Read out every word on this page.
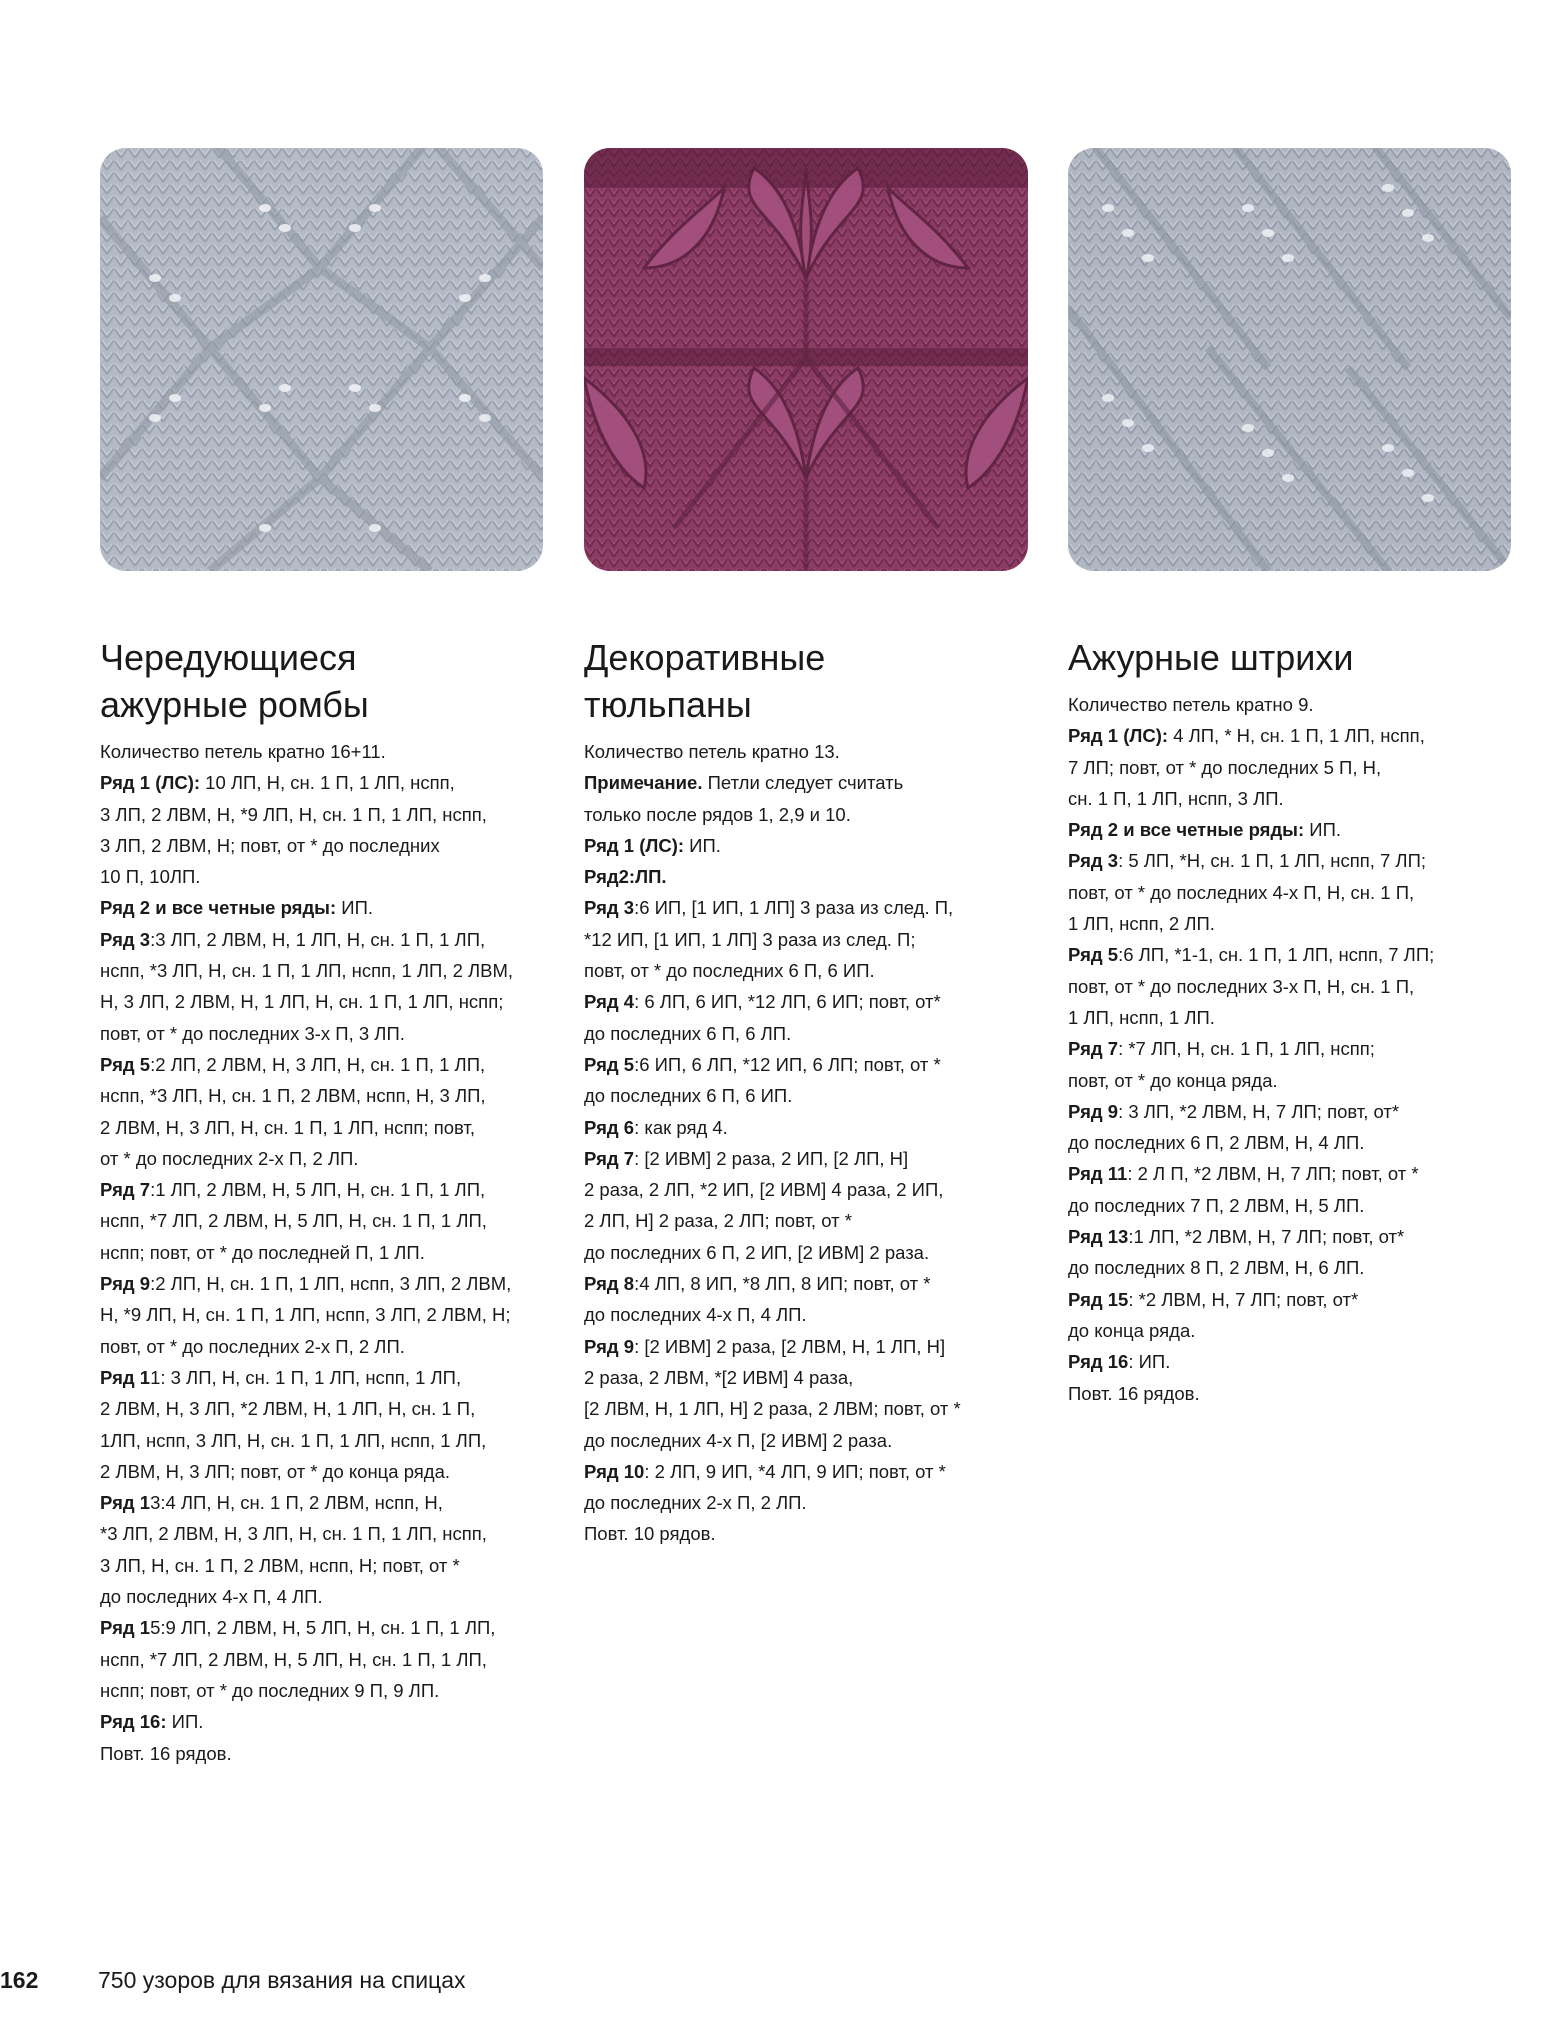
Чередующиеся
ажурные ромбы
Количество петель кратно 16+11.
Ряд 1 (ЛС): 10 ЛП, Н, сн. 1 П, 1 ЛП, нспп,
3 ЛП, 2 ЛВМ, Н, *9 ЛП, Н, сн. 1 П, 1 ЛП, нспп,
3 ЛП, 2 ЛВМ, Н; повт, от * до последних
10 П, 10ЛП.
Ряд 2 и все четные ряды: ИП.
Ряд 3:3 ЛП, 2 ЛВМ, Н, 1 ЛП, Н, сн. 1 П, 1 ЛП,
нспп, *3 ЛП, Н, сн. 1 П, 1 ЛП, нспп, 1 ЛП, 2 ЛВМ,
Н, 3 ЛП, 2 ЛВМ, Н, 1 ЛП, Н, сн. 1 П, 1 ЛП, нспп;
повт, от * до последних 3-х П, 3 ЛП.
Ряд 5:2 ЛП, 2 ЛВМ, Н, 3 ЛП, Н, сн. 1 П, 1 ЛП,
нспп, *3 ЛП, Н, сн. 1 П, 2 ЛВМ, нспп, Н, 3 ЛП,
2 ЛВМ, Н, 3 ЛП, Н, сн. 1 П, 1 ЛП, нспп; повт,
от * до последних 2-х П, 2 ЛП.
Ряд 7:1 ЛП, 2 ЛВМ, Н, 5 ЛП, Н, сн. 1 П, 1 ЛП,
нспп, *7 ЛП, 2 ЛВМ, Н, 5 ЛП, Н, сн. 1 П, 1 ЛП,
нспп; повт, от * до последней П, 1 ЛП.
Ряд 9:2 ЛП, Н, сн. 1 П, 1 ЛП, нспп, 3 ЛП, 2 ЛВМ,
Н, *9 ЛП, Н, сн. 1 П, 1 ЛП, нспп, 3 ЛП, 2 ЛВМ, Н;
повт, от * до последних 2-х П, 2 ЛП.
Ряд 11: 3 ЛП, Н, сн. 1 П, 1 ЛП, нспп, 1 ЛП,
2 ЛВМ, Н, 3 ЛП, *2 ЛВМ, Н, 1 ЛП, Н, сн. 1 П,
1ЛП, нспп, 3 ЛП, Н, сн. 1 П, 1 ЛП, нспп, 1 ЛП,
2 ЛВМ, Н, 3 ЛП; повт, от * до конца ряда.
Ряд 13:4 ЛП, Н, сн. 1 П, 2 ЛВМ, нспп, Н,
*3 ЛП, 2 ЛВМ, Н, 3 ЛП, Н, сн. 1 П, 1 ЛП, нспп,
3 ЛП, Н, сн. 1 П, 2 ЛВМ, нспп, Н; повт, от *
до последних 4-х П, 4 ЛП.
Ряд 15:9 ЛП, 2 ЛВМ, Н, 5 ЛП, Н, сн. 1 П, 1 ЛП,
нспп, *7 ЛП, 2 ЛВМ, Н, 5 ЛП, Н, сн. 1 П, 1 ЛП,
нспп; повт, от * до последних 9 П, 9 ЛП.
Ряд 16: ИП.
Повт. 16 рядов.
Декоративные
тюльпаны
Количество петель кратно 13.
Примечание. Петли следует считать
только после рядов 1, 2,9 и 10.
Ряд 1 (ЛС): ИП.
Ряд2:ЛП.
Ряд 3:6 ИП, [1 ИП, 1 ЛП] 3 раза из след. П,
*12 ИП, [1 ИП, 1 ЛП] 3 раза из след. П;
повт, от * до последних 6 П, 6 ИП.
Ряд 4: 6 ЛП, 6 ИП, *12 ЛП, 6 ИП; повт, от*
до последних 6 П, 6 ЛП.
Ряд 5:6 ИП, 6 ЛП, *12 ИП, 6 ЛП; повт, от *
до последних 6 П, 6 ИП.
Ряд 6: как ряд 4.
Ряд 7: [2 ИВМ] 2 раза, 2 ИП, [2 ЛП, Н]
2 раза, 2 ЛП, *2 ИП, [2 ИВМ] 4 раза, 2 ИП,
2 ЛП, Н] 2 раза, 2 ЛП; повт, от *
до последних 6 П, 2 ИП, [2 ИВМ] 2 раза.
Ряд 8:4 ЛП, 8 ИП, *8 ЛП, 8 ИП; повт, от *
до последних 4-х П, 4 ЛП.
Ряд 9: [2 ИВМ] 2 раза, [2 ЛВМ, Н, 1 ЛП, Н]
2 раза, 2 ЛВМ, *[2 ИВМ] 4 раза,
[2 ЛВМ, Н, 1 ЛП, Н] 2 раза, 2 ЛВМ; повт, от *
до последних 4-х П, [2 ИВМ] 2 раза.
Ряд 10: 2 ЛП, 9 ИП, *4 ЛП, 9 ИП; повт, от *
до последних 2-х П, 2 ЛП.
Повт. 10 рядов.
Ажурные штрихи
Количество петель кратно 9.
Ряд 1 (ЛС): 4 ЛП, * Н, сн. 1 П, 1 ЛП, нспп,
7 ЛП; повт, от * до последних 5 П, Н,
сн. 1 П, 1 ЛП, нспп, 3 ЛП.
Ряд 2 и все четные ряды: ИП.
Ряд 3: 5 ЛП, *Н, сн. 1 П, 1 ЛП, нспп, 7 ЛП;
повт, от * до последних 4-х П, Н, сн. 1 П,
1 ЛП, нспп, 2 ЛП.
Ряд 5:6 ЛП, *1-1, сн. 1 П, 1 ЛП, нспп, 7 ЛП;
повт, от * до последних 3-х П, Н, сн. 1 П,
1 ЛП, нспп, 1 ЛП.
Ряд 7: *7 ЛП, Н, сн. 1 П, 1 ЛП, нспп;
повт, от * до конца ряда.
Ряд 9: 3 ЛП, *2 ЛВМ, Н, 7 ЛП; повт, от*
до последних 6 П, 2 ЛВМ, Н, 4 ЛП.
Ряд 11: 2 Л П, *2 ЛВМ, Н, 7 ЛП; повт, от *
до последних 7 П, 2 ЛВМ, Н, 5 ЛП.
Ряд 13:1 ЛП, *2 ЛВМ, Н, 7 ЛП; повт, от*
до последних 8 П, 2 ЛВМ, Н, 6 ЛП.
Ряд 15: *2 ЛВМ, Н, 7 ЛП; повт, от*
до конца ряда.
Ряд 16: ИП.
Повт. 16 рядов.
162	750 узоров для вязания на спицах
